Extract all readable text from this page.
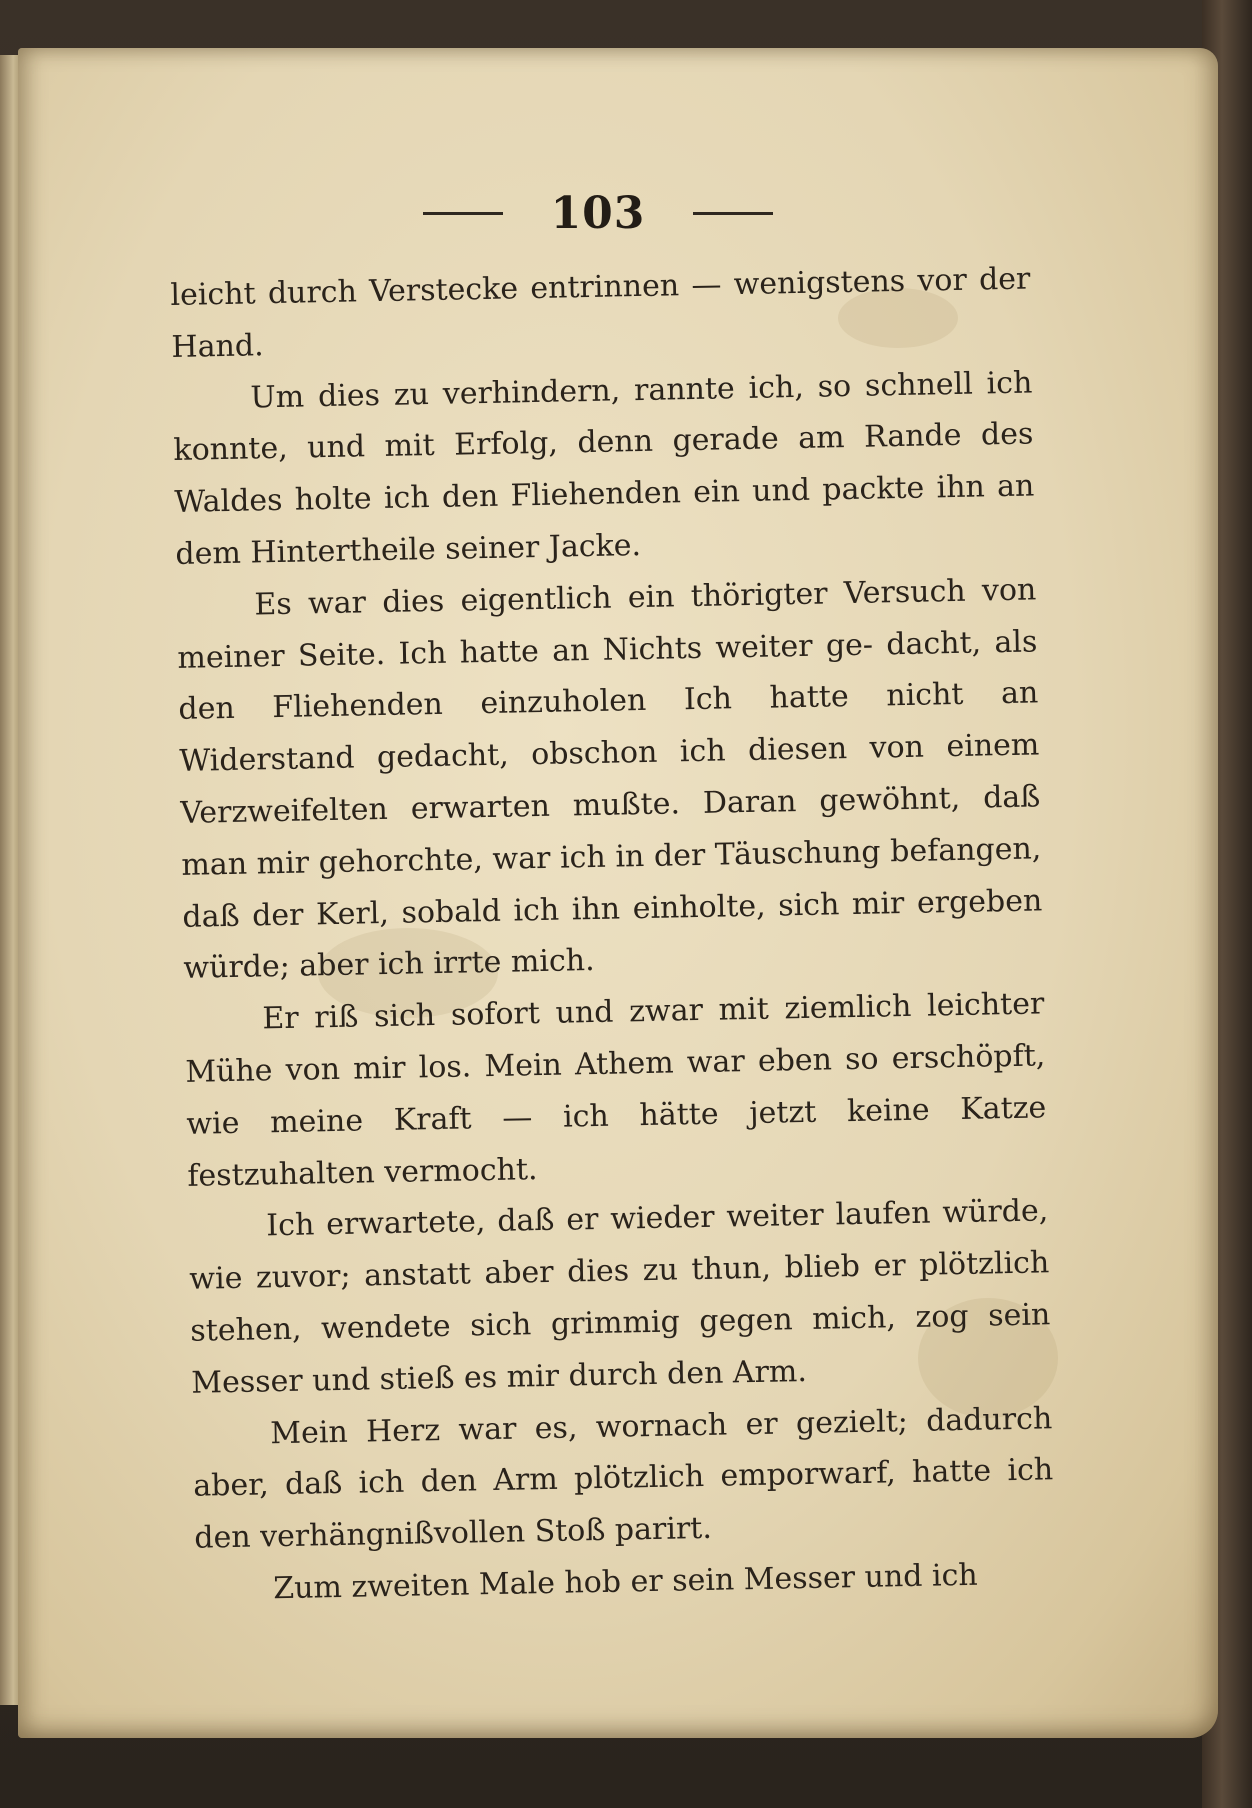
103

leicht durch Verstecke entrinnen — wenigstens vor der Hand.

Um dies zu verhindern, rannte ich, so schnell ich konnte, und mit Erfolg, denn gerade am Rande des Waldes holte ich den Fliehenden ein und packte ihn an dem Hintertheile seiner Jacke.

Es war dies eigentlich ein thörigter Versuch von meiner Seite. Ich hatte an Nichts weiter ge- dacht, als den Fliehenden einzuholen Ich hatte nicht an Widerstand gedacht, obschon ich diesen von einem Verzweifelten erwarten mußte. Daran gewöhnt, daß man mir gehorchte, war ich in der Täuschung befangen, daß der Kerl, sobald ich ihn einholte, sich mir ergeben würde; aber ich irrte mich.

Er riß sich sofort und zwar mit ziemlich leichter Mühe von mir los. Mein Athem war eben so erschöpft, wie meine Kraft — ich hätte jetzt keine Katze festzuhalten vermocht.

Ich erwartete, daß er wieder weiter laufen würde, wie zuvor; anstatt aber dies zu thun, blieb er plötzlich stehen, wendete sich grimmig gegen mich, zog sein Messer und stieß es mir durch den Arm.

Mein Herz war es, wornach er gezielt; dadurch aber, daß ich den Arm plötzlich emporwarf, hatte ich den verhängnißvollen Stoß parirt.

Zum zweiten Male hob er sein Messer und ich
